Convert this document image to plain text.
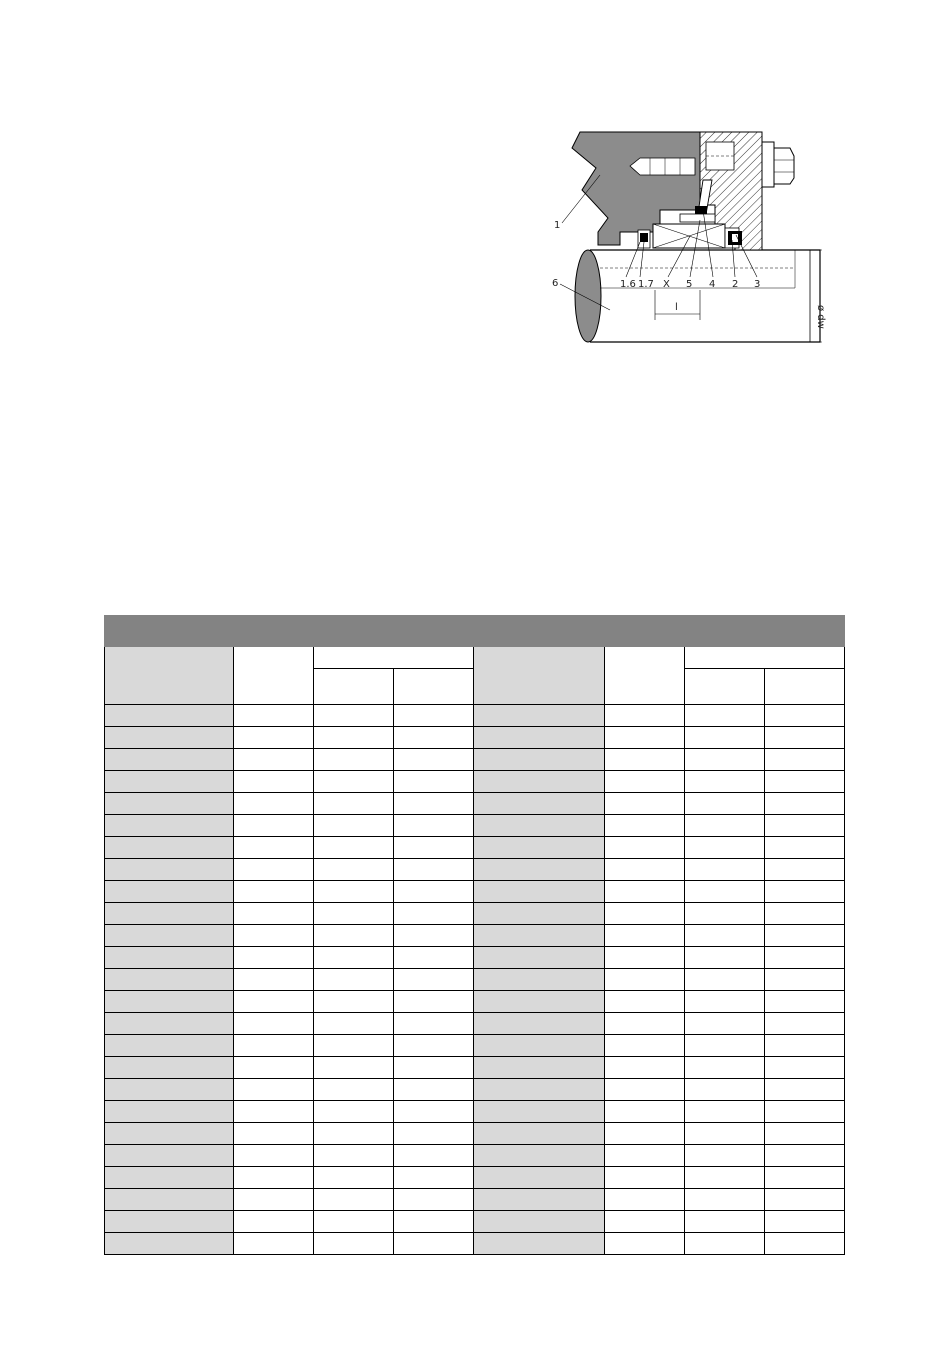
1
6	1.6 1.7 X 5 4 2 3
l	ø dw
